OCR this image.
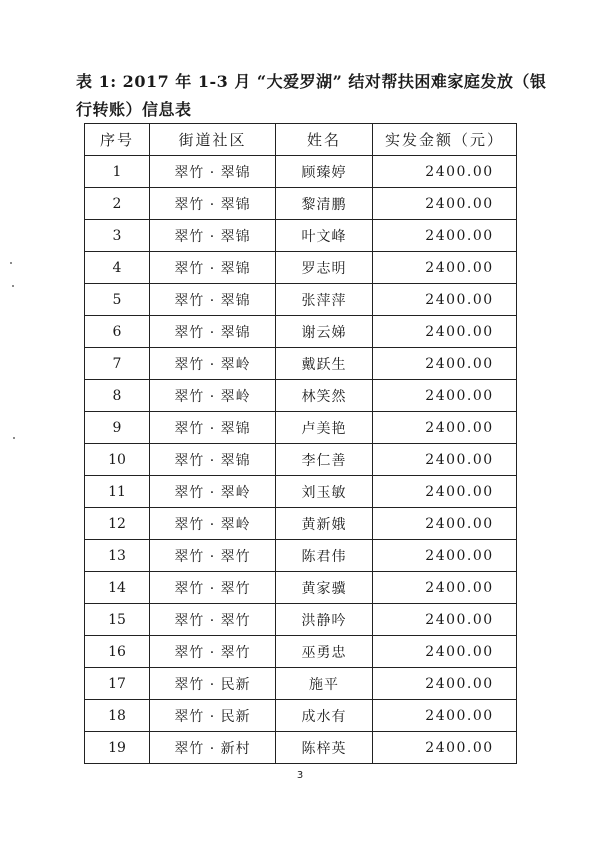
表 1: 2017 年 1-3 月 “大爱罗湖” 结对帮扶困难家庭发放（银行转账）信息表
序号	街道社区	姓名	实发金额（元）
1	翠竹 · 翠锦	顾臻婷	2400.00
2	翠竹 · 翠锦	黎清鹏	2400.00
3	翠竹 · 翠锦	叶文峰	2400.00
4	翠竹 · 翠锦	罗志明	2400.00
5	翠竹 · 翠锦	张萍萍	2400.00
6	翠竹 · 翠锦	谢云娣	2400.00
7	翠竹 · 翠岭	戴跃生	2400.00
8	翠竹 · 翠岭	林笑然	2400.00
9	翠竹 · 翠锦	卢美艳	2400.00
10	翠竹 · 翠锦	李仁善	2400.00
11	翠竹 · 翠岭	刘玉敏	2400.00
12	翠竹 · 翠岭	黄新娥	2400.00
13	翠竹 · 翠竹	陈君伟	2400.00
14	翠竹 · 翠竹	黄家骥	2400.00
15	翠竹 · 翠竹	洪静吟	2400.00
16	翠竹 · 翠竹	巫勇忠	2400.00
17	翠竹 · 民新	施平	2400.00
18	翠竹 · 民新	成水有	2400.00
19	翠竹 · 新村	陈梓英	2400.00
3
